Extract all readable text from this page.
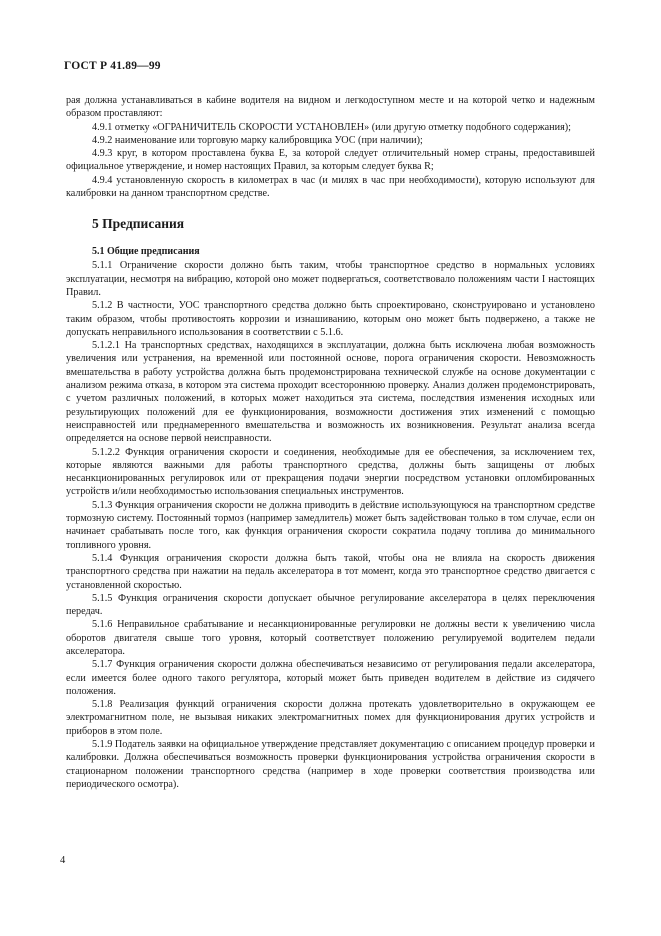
ГОСТ Р 41.89—99

рая должна устанавливаться в кабине водителя на видном и легкодоступном месте и на которой четко и надежным образом проставляют:

4.9.1 отметку «ОГРАНИЧИТЕЛЬ СКОРОСТИ УСТАНОВЛЕН» (или другую отметку подобного содержания);

4.9.2 наименование или торговую марку калибровщика УОС (при наличии);

4.9.3 круг, в котором проставлена буква Е, за которой следует отличительный номер страны, предоставившей официальное утверждение, и номер настоящих Правил, за которым следует буква R;

4.9.4 установленную скорость в километрах в час (и милях в час при необходимости), которую используют для калибровки на данном транспортном средстве.

5 Предписания
5.1 Общие предписания

5.1.1 Ограничение скорости должно быть таким, чтобы транспортное средство в нормальных условиях эксплуатации, несмотря на вибрацию, которой оно может подвергаться, соответствовало положениям части I настоящих Правил.

5.1.2 В частности, УОС транспортного средства должно быть спроектировано, сконструировано и установлено таким образом, чтобы противостоять коррозии и изнашиванию, которым оно может быть подвержено, а также не допускать неправильного использования в соответствии с 5.1.6.

5.1.2.1 На транспортных средствах, находящихся в эксплуатации, должна быть исключена любая возможность увеличения или устранения, на временной или постоянной основе, порога ограничения скорости. Невозможность вмешательства в работу устройства должна быть продемонстрирована технической службе на основе документации с анализом режима отказа, в котором эта система проходит всестороннюю проверку. Анализ должен продемонстрировать, с учетом различных положений, в которых может находиться эта система, последствия изменения исходных или результирующих положений для ее функционирования, возможности достижения этих изменений с помощью неисправностей или преднамеренного вмешательства и возможность их возникновения. Результат анализа всегда определяется на основе первой неисправности.

5.1.2.2 Функция ограничения скорости и соединения, необходимые для ее обеспечения, за исключением тех, которые являются важными для работы транспортного средства, должны быть защищены от любых несанкционированных регулировок или от прекращения подачи энергии посредством установки опломбированных устройств и/или необходимостью использования специальных инструментов.

5.1.3 Функция ограничения скорости не должна приводить в действие использующуюся на транспортном средстве тормозную систему. Постоянный тормоз (например замедлитель) может быть задействован только в том случае, если он начинает срабатывать после того, как функция ограничения скорости сократила подачу топлива до минимального топливного уровня.

5.1.4 Функция ограничения скорости должна быть такой, чтобы она не влияла на скорость движения транспортного средства при нажатии на педаль акселератора в тот момент, когда это транспортное средство двигается с установленной скоростью.

5.1.5 Функция ограничения скорости допускает обычное регулирование акселератора в целях переключения передач.

5.1.6 Неправильное срабатывание и несанкционированные регулировки не должны вести к увеличению числа оборотов двигателя свыше того уровня, который соответствует положению регулируемой водителем педали акселератора.

5.1.7 Функция ограничения скорости должна обеспечиваться независимо от регулирования педали акселератора, если имеется более одного такого регулятора, который может быть приведен водителем в действие из сидячего положения.

5.1.8 Реализация функций ограничения скорости должна протекать удовлетворительно в окружающем ее электромагнитном поле, не вызывая никаких электромагнитных помех для функционирования других устройств и приборов в этом поле.

5.1.9 Податель заявки на официальное утверждение представляет документацию с описанием процедур проверки и калибровки. Должна обеспечиваться возможность проверки функционирования устройства ограничения скорости в стационарном положении транспортного средства (например в ходе проверки соответствия производства или периодического осмотра).

4
